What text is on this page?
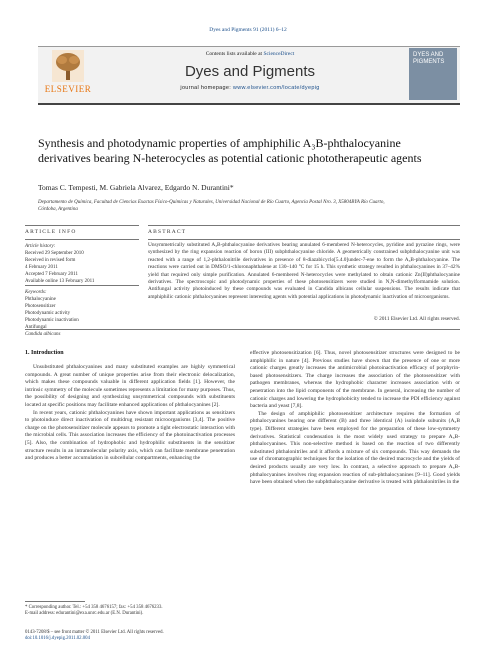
Dyes and Pigments 91 (2011) 6–12
ELSEVIER
Contents lists available at ScienceDirect
Dyes and Pigments
journal homepage: www.elsevier.com/locate/dyepig
DYES AND PIGMENTS
Synthesis and photodynamic properties of amphiphilic A₃B-phthalocyanine
derivatives bearing N-heterocycles as potential cationic phototherapeutic agents
Tomas C. Tempesti, M. Gabriela Alvarez, Edgardo N. Durantini*
Departamento de Química, Facultad de Ciencias Exactas Físico-Químicas y Naturales, Universidad Nacional de Río Cuarto, Agencia Postal Nro. 3, X5804BYA Río Cuarto,
Córdoba, Argentina
ARTICLE INFO
Article history:
Received 29 September 2010
Received in revised form
4 February 2011
Accepted 7 February 2011
Available online 13 February 2011
Keywords:
Phthalocyanine
Photosensitizer
Photodynamic activity
Photodynamic inactivation
Antifungal
Candida albicans
ABSTRACT
Unsymmetrically substituted A₃B-phthalocyanine derivatives bearing annulated 6-membered N-heterocycles, pyridine and pyrazine rings, were synthesized by the ring expansion reaction of boron (III) subphthalocyanine chloride. A geometrically constrained subphthalocyanine unit was reacted with a range of 1,2-phthalonitrile derivatives in presence of 8-diazabicyclo[5.4.0]undec-7-ene to form the A₃B-phthalocyanine. The reactions were carried out in DMSO/1-chloronaphthalene at 130–140 °C for 15 h. This synthetic strategy resulted in phthalocyanines in 37–42% yield that required only simple purification. Annulated 6-membered N-heterocycles were methylated to obtain cationic Zn(II)phthalocyanine derivatives. The spectroscopic and photodynamic properties of these photosensitizers were studied in N,N-dimethylformamide solution. Antifungal activity photoinduced by these compounds was evaluated in Candida albicans cellular suspensions. The results indicate that amphiphilic cationic phthalocyanines represent interesting agents with potential applications in photodynamic inactivation of microorganisms.
© 2011 Elsevier Ltd. All rights reserved.
1. Introduction

Unsubstituted phthalocyanines and many substituted examples are highly symmetrical compounds. A great number of unique properties arise from their electronic delocalization, which makes these compounds valuable in different application fields [1]. However, the intrinsic symmetry of the molecule sometimes represents a limitation for many purposes. Thus, the possibility of designing and synthesizing unsymmetrical compounds with substituents located at specific positions may facilitate enhanced applications of phthalocyanines [2].

In recent years, cationic phthalocyanines have shown important applications as sensitizers to photoinduce direct inactivation of multidrug resistant microorganisms [3,4]. The positive charge on the photosensitizer molecule appears to promote a tight electrostatic interaction with the microbial cells. This association increases the efficiency of the photoinactivation processes [5]. Also, the combination of hydrophobic and hydrophilic substituents in the sensitizer structure results in an intramolecular polarity axis, which can facilitate membrane penetration and produces a better accumulation in subcellular compartments, enhancing the

effective photosensitization [6]. Thus, novel photosensitizer structures were designed to be amphiphilic in nature [4]. Previous studies have shown that the presence of one or more cationic charges greatly increases the antimicrobial photoinactivation efficacy of porphyrin-based photosensitizers. The charge increases the association of the photosensitizer with pathogen membranes, whereas the hydrophobic character increases association with or penetration into the lipid components of the membrane. In general, increasing the number of cationic charges and lowering the hydrophobicity tended to increase the PDI efficiency against bacteria and yeast [7,8].

The design of amphiphilic photosensitizer architecture requires the formation of phthalocyanines bearing one different (B) and three identical (A) isoindole subunits (A₃B type). Different strategies have been employed for the preparation of these low-symmetry derivatives. Statistical condensation is the most widely used strategy to prepare A₃B-phthalocyanines. This non-selective method is based on the reaction of two differently substituted phthalonitriles and it affords a mixture of six compounds. This way demands the use of chromatographic techniques for the isolation of the desired macrocycle and the yields of desired products usually are very low. In contrast, a selective approach to prepare A₃B-phthalocyanines involves ring expansion reaction of sub-phthalocyanines [9–11]. Good yields have been obtained when the subphthalocyanine derivative is treated with phthalonitriles in the

* Corresponding author. Tel.: +54 358 4676157; fax: +54 358 4676233.
E-mail address: edurantini@exa.unrc.edu.ar (E.N. Durantini).
0143-7208/$ – see front matter © 2011 Elsevier Ltd. All rights reserved.
doi:10.1016/j.dyepig.2011.02.004
